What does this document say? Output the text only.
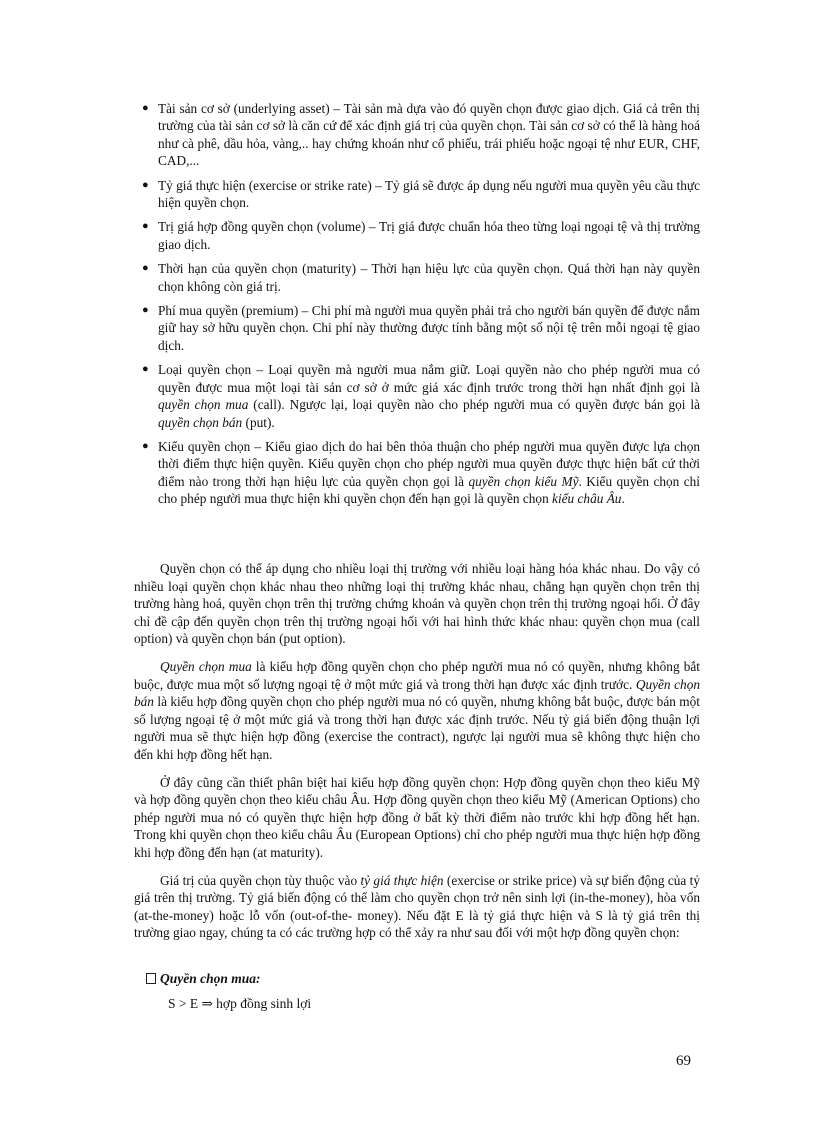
● Tài sản cơ sở (underlying asset) – Tài sản mà dựa vào đó quyền chọn được giao dịch. Giá cả trên thị trường của tài sản cơ sở là căn cứ để xác định giá trị của quyền chọn. Tài sản cơ sở có thể là hàng hoá như cà phê, dầu hỏa, vàng,.. hay chứng khoán như cổ phiếu, trái phiếu hoặc ngoại tệ như EUR, CHF, CAD,...
● Tỷ giá thực hiện (exercise or strike rate) – Tỷ giá sẽ được áp dụng nếu người mua quyền yêu cầu thực hiện quyền chọn.
● Trị giá hợp đồng quyền chọn (volume) – Trị giá được chuẩn hóa theo từng loại ngoại tệ và thị trường giao dịch.
● Thời hạn của quyền chọn (maturity) – Thời hạn hiệu lực của quyền chọn. Quá thời hạn này quyền chọn không còn giá trị.
● Phí mua quyền (premium) – Chi phí mà người mua quyền phải trả cho người bán quyền để được nắm giữ hay sở hữu quyền chọn. Chi phí này thường được tính bằng một số nội tệ trên mỗi ngoại tệ giao dịch.
● Loại quyền chọn – Loại quyền mà người mua nắm giữ. Loại quyền nào cho phép người mua có quyền được mua một loại tài sản cơ sở ở mức giá xác định trước trong thời hạn nhất định gọi là quyền chọn mua (call). Ngược lại, loại quyền nào cho phép người mua có quyền được bán gọi là quyền chọn bán (put).
● Kiểu quyền chọn – Kiểu giao dịch do hai bên thỏa thuận cho phép người mua quyền được lựa chọn thời điểm thực hiện quyền. Kiểu quyền chọn cho phép người mua quyền được thực hiện bất cứ thời điểm nào trong thời hạn hiệu lực của quyền chọn gọi là quyền chọn kiểu Mỹ. Kiểu quyền chọn chỉ cho phép người mua thực hiện khi quyền chọn đến hạn gọi là quyền chọn kiểu châu Âu.

Quyền chọn có thể áp dụng cho nhiều loại thị trường với nhiều loại hàng hóa khác nhau. Do vậy có nhiều loại quyền chọn khác nhau theo những loại thị trường khác nhau, chẳng hạn quyền chọn trên thị trường hàng hoá, quyền chọn trên thị trường chứng khoán và quyền chọn trên thị trường ngoại hối. Ở đây chỉ đề cập đến quyền chọn trên thị trường ngoại hối với hai hình thức khác nhau: quyền chọn mua (call option) và quyền chọn bán (put option).

Quyền chọn mua là kiểu hợp đồng quyền chọn cho phép người mua nó có quyền, nhưng không bắt buộc, được mua một số lượng ngoại tệ ở một mức giá và trong thời hạn được xác định trước. Quyền chọn bán là kiểu hợp đồng quyền chọn cho phép người mua nó có quyền, nhưng không bắt buộc, được bán một số lượng ngoại tệ ở một mức giá và trong thời hạn được xác định trước. Nếu tỷ giá biến động thuận lợi người mua sẽ thực hiện hợp đồng (exercise the contract), ngược lại người mua sẽ không thực hiện cho đến khi hợp đồng hết hạn.

Ở đây cũng cần thiết phân biệt hai kiểu hợp đồng quyền chọn: Hợp đồng quyền chọn theo kiểu Mỹ và hợp đồng quyền chọn theo kiểu châu Âu. Hợp đồng quyền chọn theo kiểu Mỹ (American Options) cho phép người mua nó có quyền thực hiện hợp đồng ở bất kỳ thời điểm nào trước khi hợp đồng hết hạn. Trong khi quyền chọn theo kiểu châu Âu (European Options) chỉ cho phép người mua thực hiện hợp đồng khi hợp đồng đến hạn (at maturity).

Giá trị của quyền chọn tùy thuộc vào tỷ giá thực hiện (exercise or strike price) và sự biến động của tỷ giá trên thị trường. Tỷ giá biến động có thể làm cho quyền chọn trở nên sinh lợi (in-the-money), hòa vốn (at-the-money) hoặc lỗ vốn (out-of-the- money). Nếu đặt E là tỷ giá thực hiện và S là tỷ giá trên thị trường giao ngay, chúng ta có các trường hợp có thể xảy ra như sau đối với một hợp đồng quyền chọn:

Quyền chọn mua:
S > E ⇒ hợp đồng sinh lợi
69
